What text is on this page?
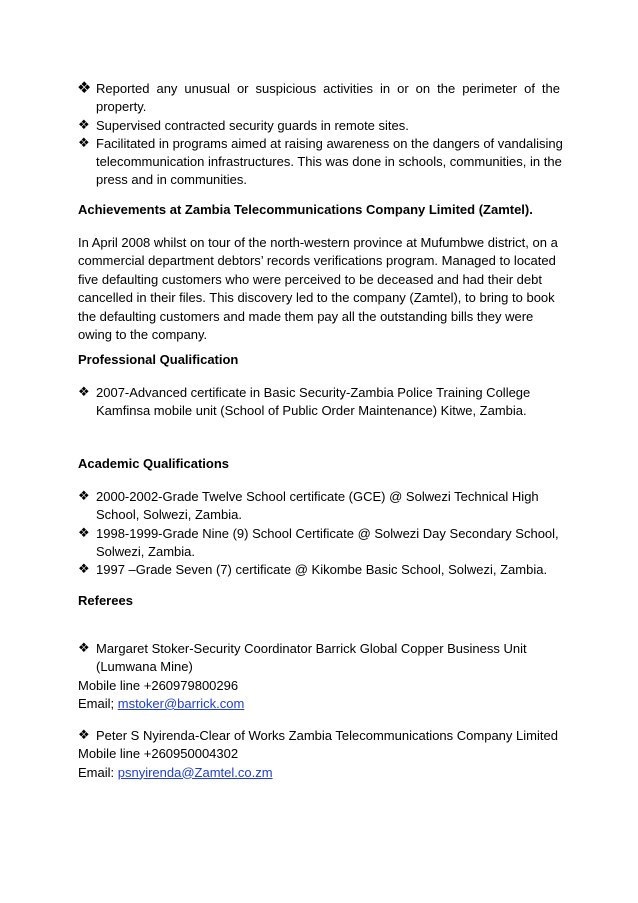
❖ Reported any unusual or suspicious activities in or on the perimeter of the property.
❖ Supervised contracted security guards in remote sites.
❖ Facilitated in programs aimed at raising awareness on the dangers of vandalising telecommunication infrastructures. This was done in schools, communities, in the press and in communities.
Achievements at Zambia Telecommunications Company Limited (Zamtel).
In April 2008 whilst on tour of the north-western province at Mufumbwe district, on a
commercial department debtors’ records verifications program. Managed to located
five defaulting customers who were perceived to be deceased and had their debt
cancelled in their files. This discovery led to the company (Zamtel), to bring to book
the defaulting customers and made them pay all the outstanding bills they were
owing to the company.
Professional Qualification
❖ 2007-Advanced certificate in Basic Security-Zambia Police Training College
Kamfinsa mobile unit (School of Public Order Maintenance) Kitwe, Zambia.
Academic Qualifications
❖ 2000-2002-Grade Twelve School certificate (GCE) @ Solwezi Technical High
School, Solwezi, Zambia.
❖ 1998-1999-Grade Nine (9) School Certificate @ Solwezi Day Secondary School,
Solwezi, Zambia.
❖ 1997 –Grade Seven (7) certificate @ Kikombe Basic School, Solwezi, Zambia.
Referees
❖ Margaret Stoker-Security Coordinator Barrick Global Copper Business Unit
(Lumwana Mine)
Mobile line +260979800296
Email; mstoker@barrick.com
❖ Peter S Nyirenda-Clear of Works Zambia Telecommunications Company Limited
Mobile line +260950004302
Email: psnyirenda@Zamtel.co.zm
